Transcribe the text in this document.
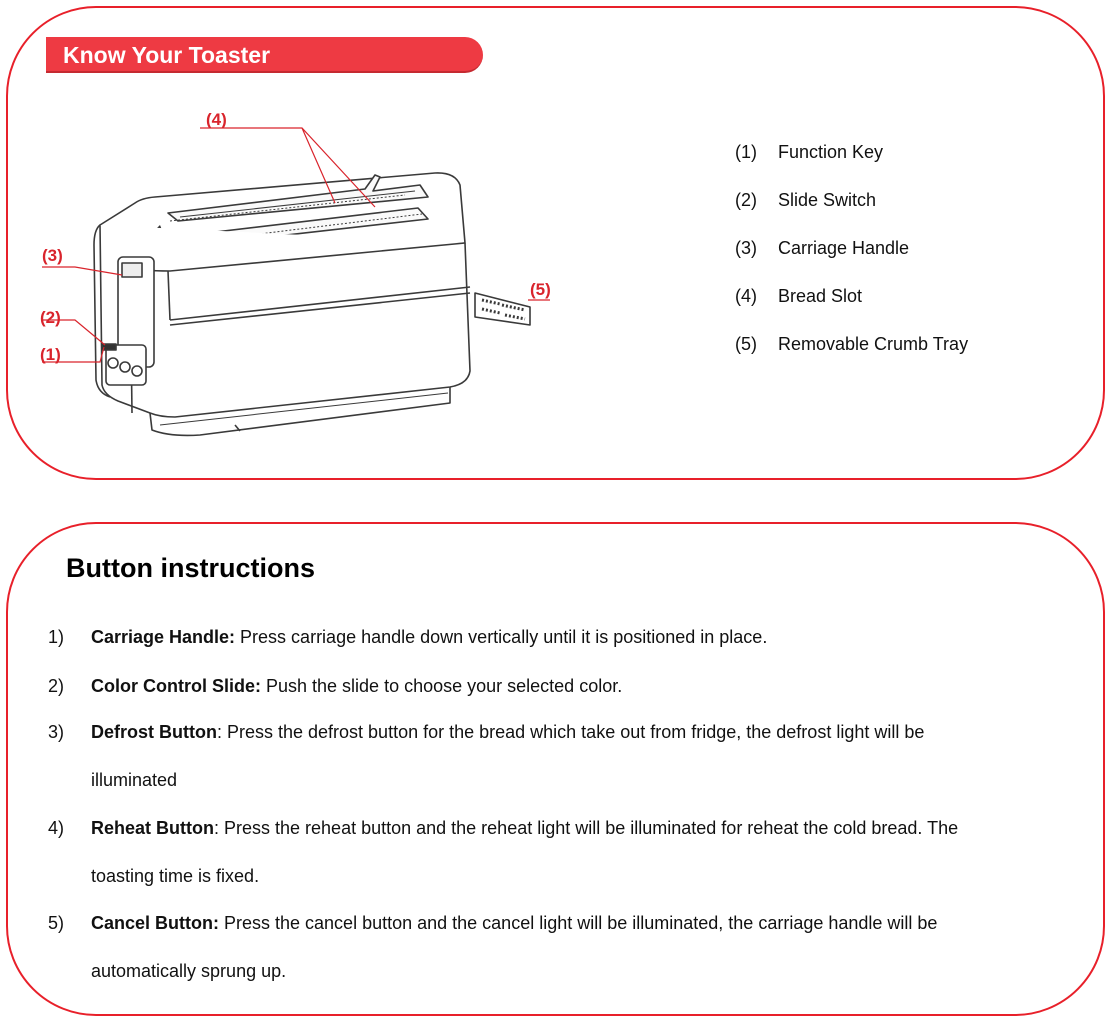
Know Your Toaster
(4)
(3)
(2)
(1)
(5)
(1) Function Key
(2) Slide Switch
(3) Carriage Handle
(4) Bread Slot
(5) Removable Crumb Tray
Button instructions
1) Carriage Handle: Press carriage handle down vertically until it is positioned in place.
2) Color Control Slide: Push the slide to choose your selected color.
3) Defrost Button: Press the defrost button for the bread which take out from fridge, the defrost light will be
illuminated
4) Reheat Button: Press the reheat button and the reheat light will be illuminated for reheat the cold bread. The
toasting time is fixed.
5) Cancel Button: Press the cancel button and the cancel light will be illuminated, the carriage handle will be
automatically sprung up.
